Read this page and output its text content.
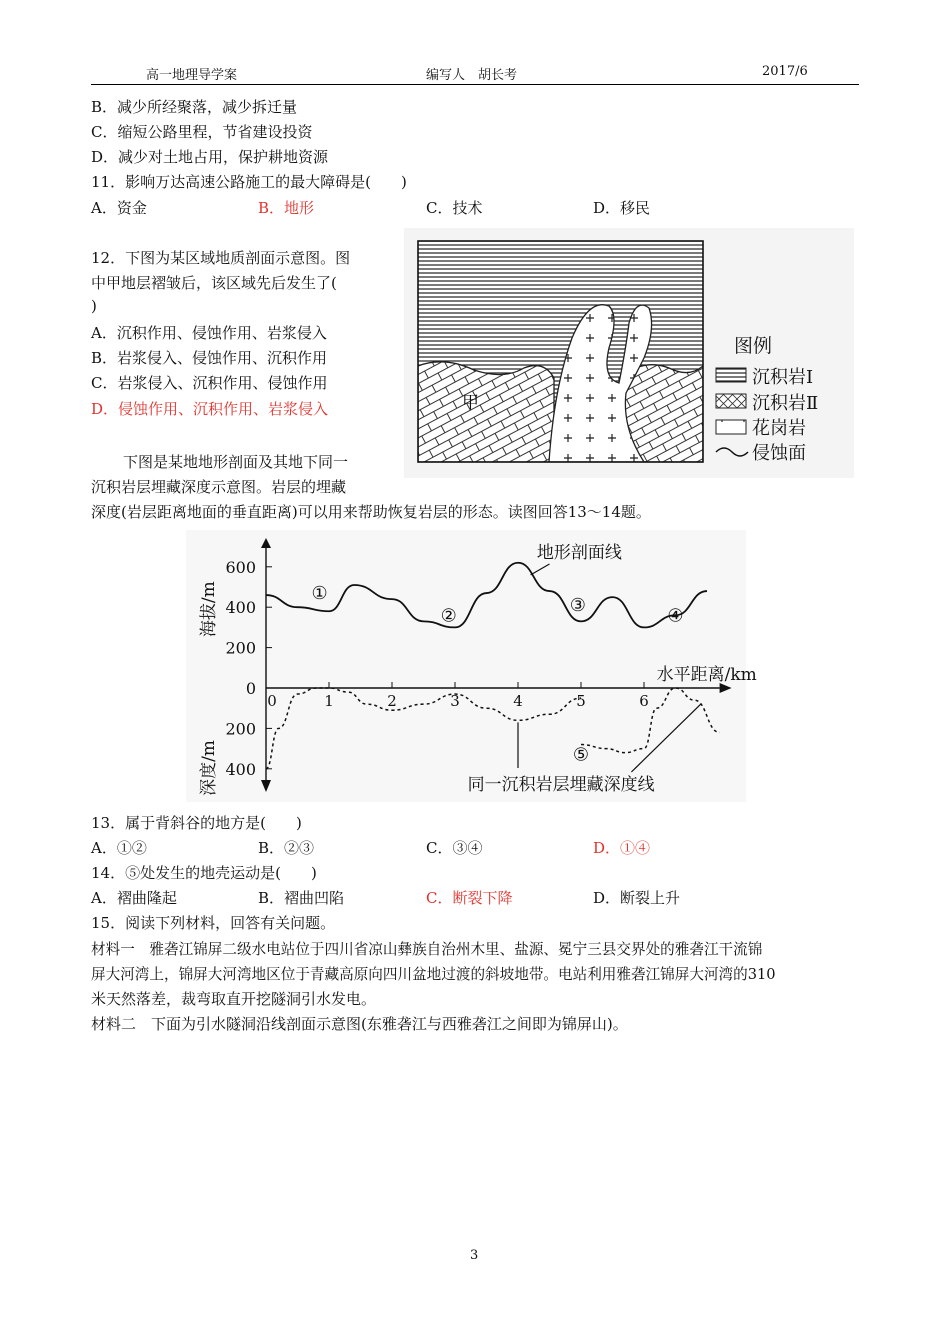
高一地理导学案	编写人　胡长考	2017/6
B．减少所经聚落，减少拆迁量
C．缩短公路里程，节省建设投资
D．减少对土地占用，保护耕地资源
11．影响万达高速公路施工的最大障碍是(　　)
A．资金	B．地形	C．技术	D．移民
12．下图为某区域地质剖面示意图。图
中甲地层褶皱后，该区域先后发生了(
)
A．沉积作用、侵蚀作用、岩浆侵入
B．岩浆侵入、侵蚀作用、沉积作用
C．岩浆侵入、沉积作用、侵蚀作用
D．侵蚀作用、沉积作用、岩浆侵入	甲
图例
沉积岩Ⅰ
沉积岩Ⅱ
花岗岩
侵蚀面
下图是某地地形剖面及其地下同一
沉积岩层埋藏深度示意图。岩层的埋藏
深度(岩层距离地面的垂直距离)可以用来帮助恢复岩层的形态。读图回答13～14题。
600
400
200
0
200
400
0	1	2	3	4	5	6
海拔/m
深度/m
水平距离/km
地形剖面线
同一沉积岩层埋藏深度线
①
②	③	④
⑤
13．属于背斜谷的地方是(　　)
A．①②	B．②③	C．③④	D．①④
14．⑤处发生的地壳运动是(　　)
A．褶曲隆起	B．褶曲凹陷	C．断裂下降	D．断裂上升
15．阅读下列材料，回答有关问题。
材料一　雅砻江锦屏二级水电站位于四川省凉山彝族自治州木里、盐源、冕宁三县交界处的雅砻江干流锦
屏大河湾上，锦屏大河湾地区位于青藏高原向四川盆地过渡的斜坡地带。电站利用雅砻江锦屏大河湾的310
米天然落差，裁弯取直开挖隧洞引水发电。
材料二　下面为引水隧洞沿线剖面示意图(东雅砻江与西雅砻江之间即为锦屏山)。
3
